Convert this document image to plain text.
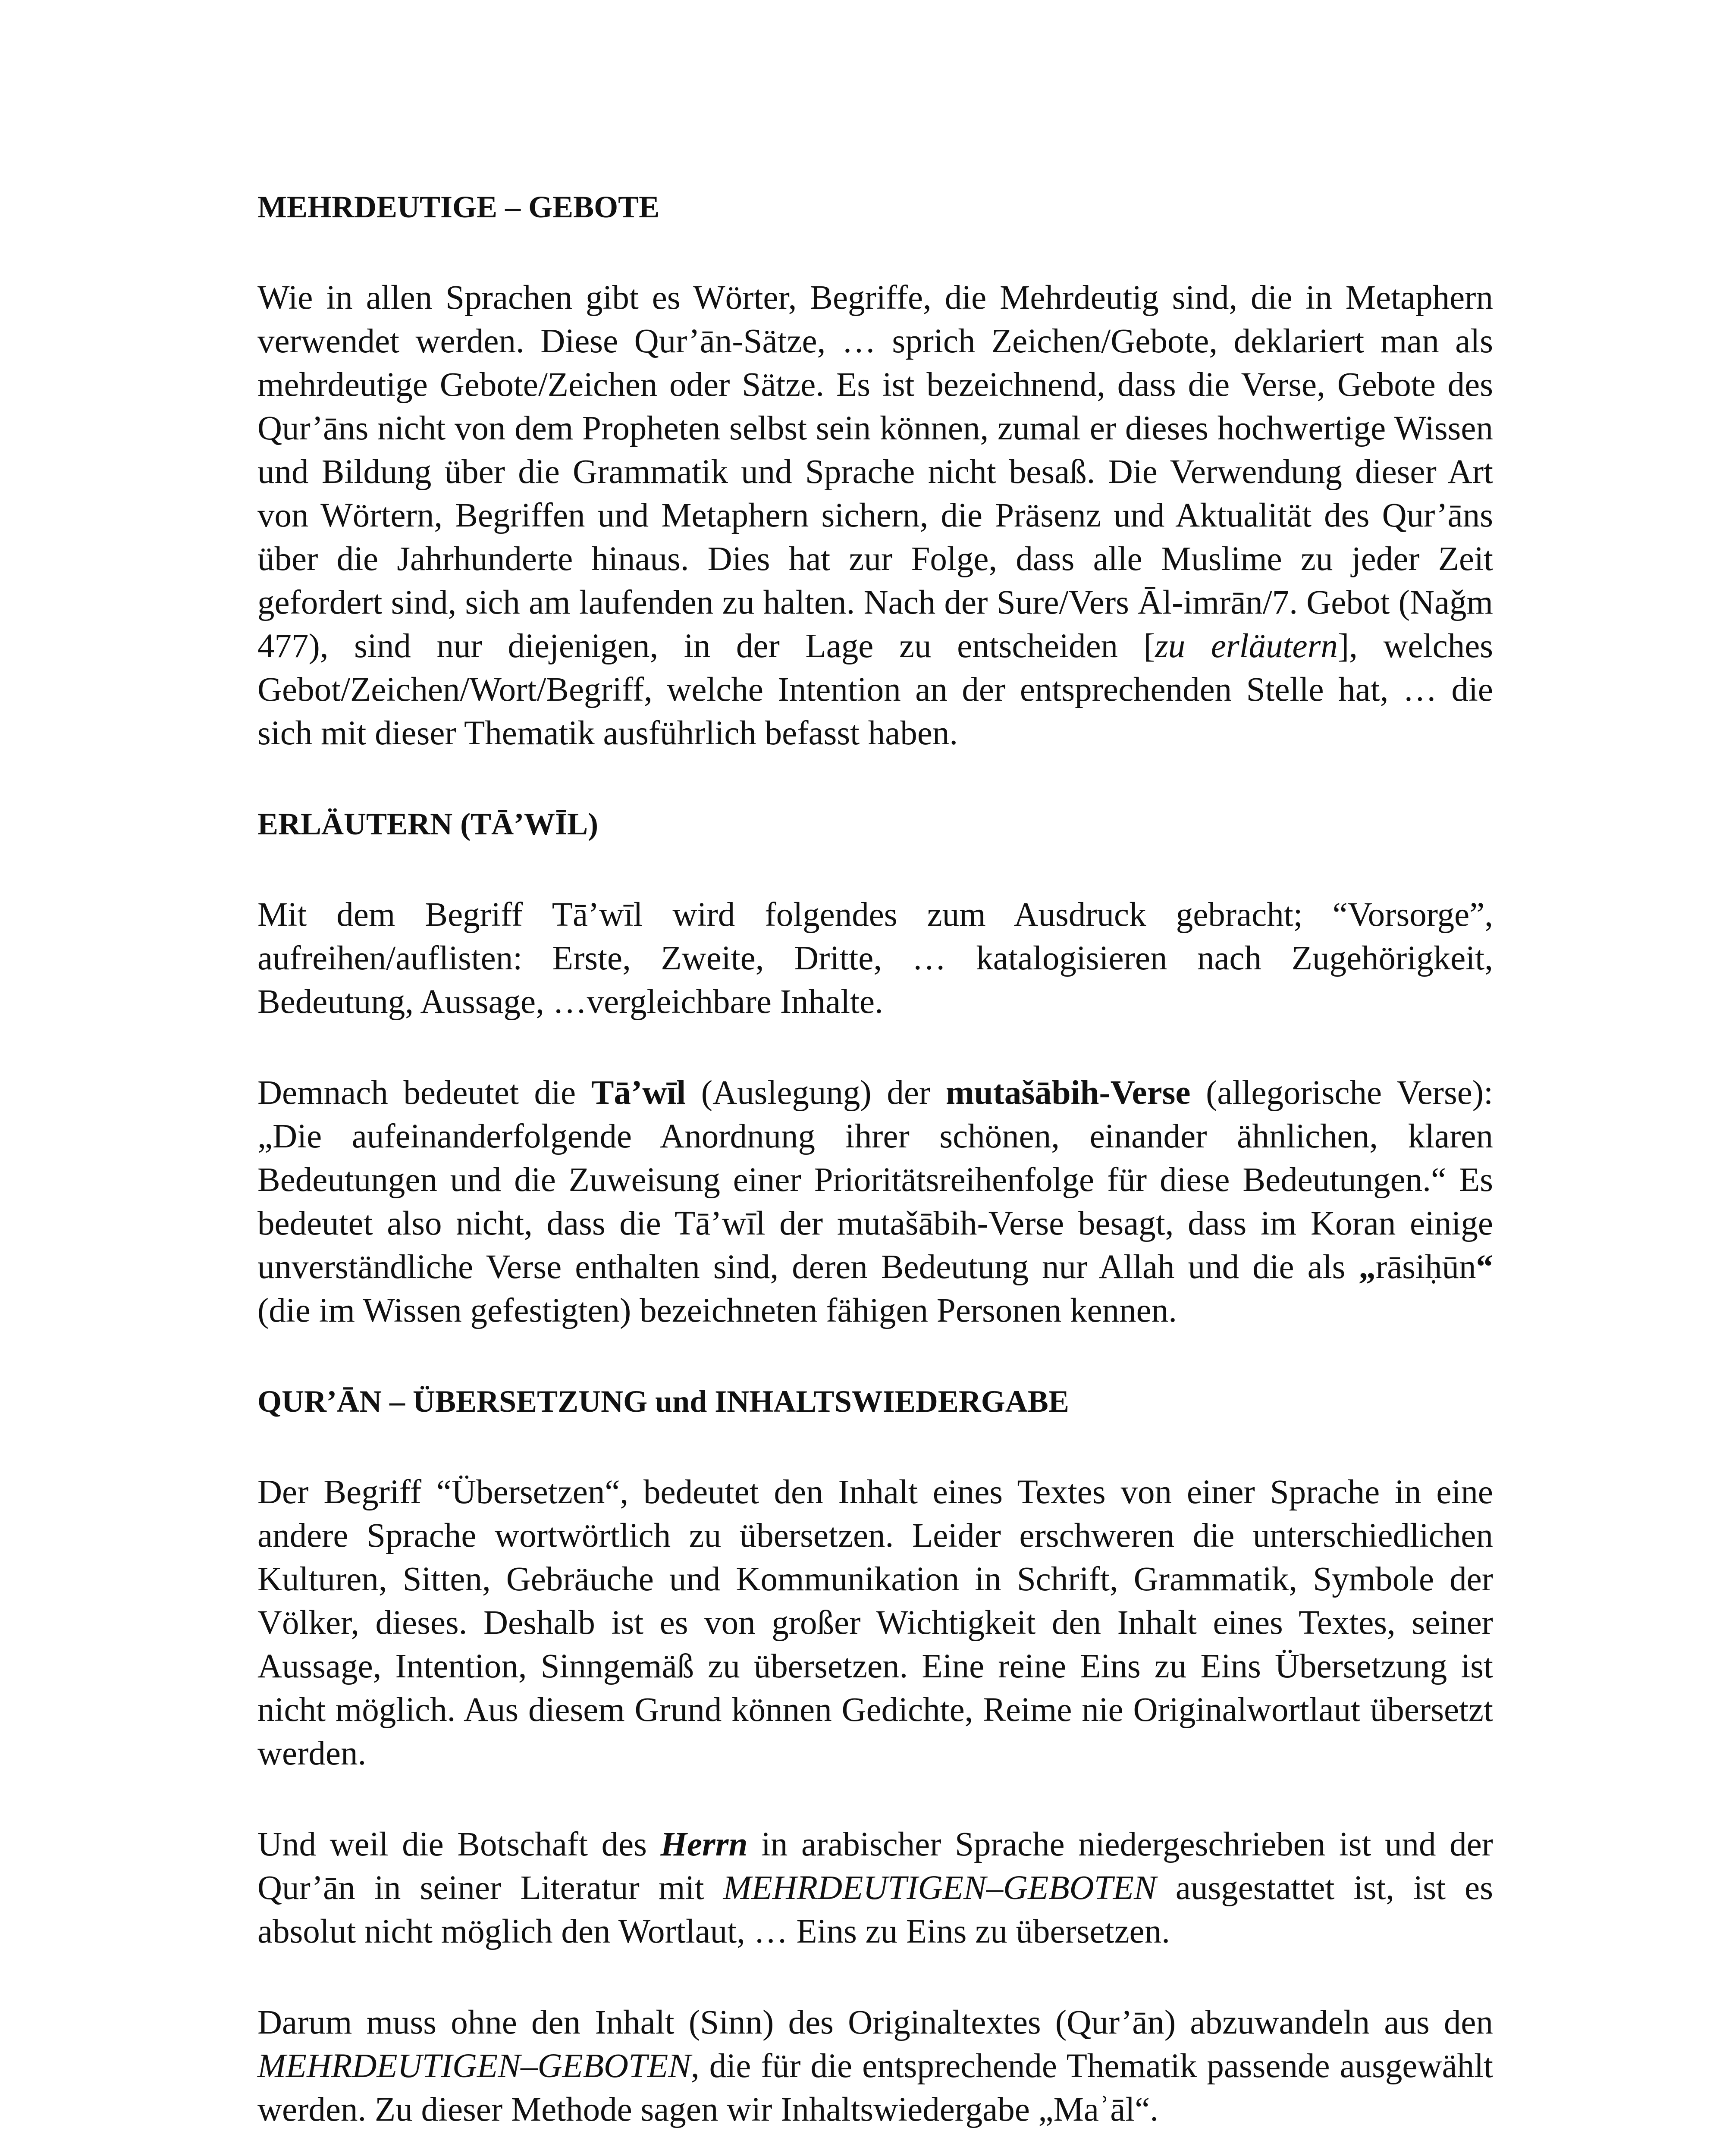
MEHRDEUTIGE – GEBOTE

Wie in allen Sprachen gibt es Wörter, Begriffe, die Mehrdeutig sind, die in Metaphern verwendet werden. Diese Qur’ān-Sätze, … sprich Zeichen/Gebote, deklariert man als mehrdeutige Gebote/Zeichen oder Sätze. Es ist bezeichnend, dass die Verse, Gebote des Qur’āns nicht von dem Propheten selbst sein können, zumal er dieses hochwertige Wissen und Bildung über die Grammatik und Sprache nicht besaß. Die Verwendung dieser Art von Wörtern, Begriffen und Metaphern sichern, die Präsenz und Aktualität des Qur’āns über die Jahrhunderte hinaus. Dies hat zur Folge, dass alle Muslime zu jeder Zeit gefordert sind, sich am laufenden zu halten. Nach der Sure/Vers Āl-imrān/7. Gebot (Naǧm 477), sind nur diejenigen, in der Lage zu entscheiden [zu erläutern], welches Gebot/Zeichen/Wort/Begriff, welche Intention an der entsprechenden Stelle hat, … die sich mit dieser Thematik ausführlich befasst haben.

ERLÄUTERN (TĀ’WĪL)

Mit dem Begriff Tāʼwīl wird folgendes zum Ausdruck gebracht; “Vorsorge”, aufreihen/auflisten: Erste, Zweite, Dritte, … katalogisieren nach Zugehörigkeit, Bedeutung, Aussage, …vergleichbare Inhalte.

Demnach bedeutet die Tā’wīl (Auslegung) der mutašābih-Verse (allegorische Verse): „Die aufeinanderfolgende Anordnung ihrer schönen, einander ähnlichen, klaren Bedeutungen und die Zuweisung einer Prioritätsreihenfolge für diese Bedeutungen.“ Es bedeutet also nicht, dass die Tāʼwīl der mutašābih-Verse besagt, dass im Koran einige unverständliche Verse enthalten sind, deren Bedeutung nur Allah und die als „rāsiḥūn“ (die im Wissen gefestigten) bezeichneten fähigen Personen kennen.

QUR’ĀN – ÜBERSETZUNG und INHALTSWIEDERGABE

Der Begriff “Übersetzen“, bedeutet den Inhalt eines Textes von einer Sprache in eine andere Sprache wortwörtlich zu übersetzen. Leider erschweren die unterschiedlichen Kulturen, Sitten, Gebräuche und Kommunikation in Schrift, Grammatik, Symbole der Völker, dieses. Deshalb ist es von großer Wichtigkeit den Inhalt eines Textes, seiner Aussage, Intention, Sinngemäß zu übersetzen. Eine reine Eins zu Eins Übersetzung ist nicht möglich. Aus diesem Grund können Gedichte, Reime nie Originalwortlaut übersetzt werden.

Und weil die Botschaft des Herrn in arabischer Sprache niedergeschrieben ist und der Qur’ān in seiner Literatur mit MEHRDEUTIGEN–GEBOTEN ausgestattet ist, ist es absolut nicht möglich den Wortlaut, … Eins zu Eins zu übersetzen.

Darum muss ohne den Inhalt (Sinn) des Originaltextes (Qur’ān) abzuwandeln aus den MEHRDEUTIGEN–GEBOTEN, die für die entsprechende Thematik passende ausgewählt werden. Zu dieser Methode sagen wir Inhaltswiedergabe „Maʾāl“.
